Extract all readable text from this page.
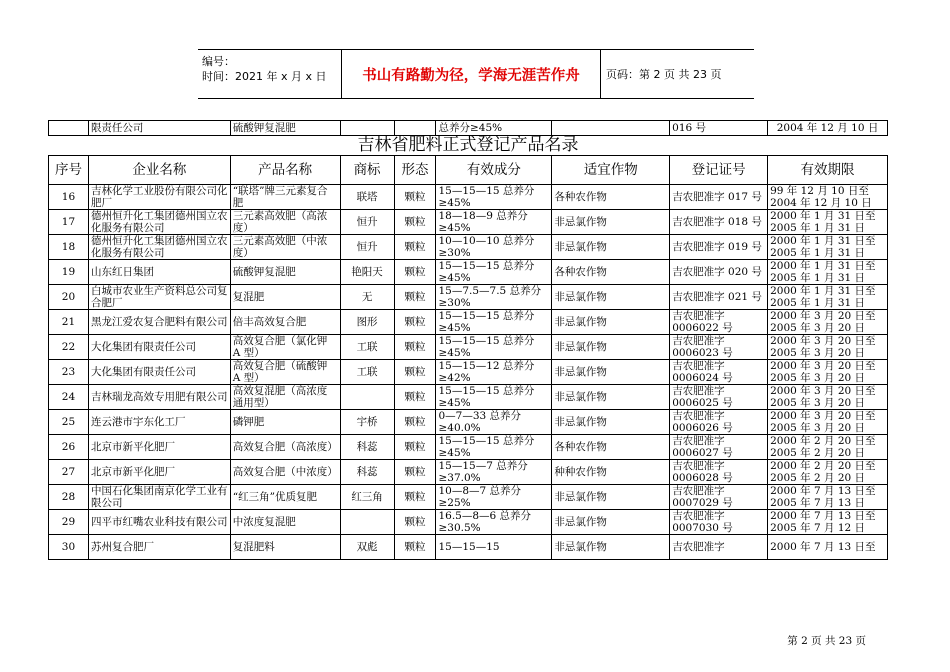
编号：
时间：2021 年 x 月 x 日	书山有路勤为径，学海无涯苦作舟	页码：第 2 页 共 23 页
	限责任公司	硫酸钾复混肥			总养分≥45%		016 号	2004 年 12 月 10 日
吉林省肥料正式登记产品名录
序号	企业名称	产品名称	商标	形态	有效成分	适宜作物	登记证号	有效期限
16	吉林化学工业股份有限公司化肥厂	“联塔”牌三元素复合肥	联塔	颗粒	15—15—15 总养分≥45%	各种农作物	吉农肥准字 017 号	99 年 12 月 10 日至 2004 年 12 月 10 日
17	德州恒升化工集团德州国立农化服务有限公司	三元素高效肥（高浓度）	恒升	颗粒	18—18—9 总养分≥45%	非忌氯作物	吉农肥准字 018 号	2000 年 1 月 31 日至 2005 年 1 月 31 日
18	德州恒升化工集团德州国立农化服务有限公司	三元素高效肥（中浓度）	恒升	颗粒	10—10—10 总养分≥30%	非忌氯作物	吉农肥准字 019 号	2000 年 1 月 31 日至 2005 年 1 月 31 日
19	山东红日集团	硫酸钾复混肥	艳阳天	颗粒	15—15—15 总养分≥45%	各种农作物	吉农肥准字 020 号	2000 年 1 月 31 日至 2005 年 1 月 31 日
20	白城市农业生产资料总公司复合肥厂	复混肥	无	颗粒	15—7.5—7.5 总养分≥30%	非忌氯作物	吉农肥准字 021 号	2000 年 1 月 31 日至 2005 年 1 月 31 日
21	黑龙江爱农复合肥料有限公司	倍丰高效复合肥	图形	颗粒	15—15—15 总养分≥45%	非忌氯作物	吉农肥准字 0006022 号	2000 年 3 月 20 日至 2005 年 3 月 20 日
22	大化集团有限责任公司	高效复合肥（氯化钾 A 型）	工联	颗粒	15—15—15 总养分≥45%	非忌氯作物	吉农肥准字 0006023 号	2000 年 3 月 20 日至 2005 年 3 月 20 日
23	大化集团有限责任公司	高效复合肥（硫酸钾 A 型）	工联	颗粒	15—15—12 总养分≥42%	非忌氯作物	吉农肥准字 0006024 号	2000 年 3 月 20 日至 2005 年 3 月 20 日
24	吉林瑞龙高效专用肥有限公司	高效复混肥（高浓度通用型）		颗粒	15—15—15 总养分≥45%	非忌氯作物	吉农肥准字 0006025 号	2000 年 3 月 20 日至 2005 年 3 月 20 日
25	连云港市宇东化工厂	磷钾肥	宇桥	颗粒	0—7—33 总养分≥40.0%	非忌氯作物	吉农肥准字 0006026 号	2000 年 3 月 20 日至 2005 年 3 月 20 日
26	北京市新平化肥厂	高效复合肥（高浓度）	科蕊	颗粒	15—15—15 总养分≥45%	各种农作物	吉农肥准字 0006027 号	2000 年 2 月 20 日至 2005 年 2 月 20 日
27	北京市新平化肥厂	高效复合肥（中浓度）	科蕊	颗粒	15—15—7 总养分≥37.0%	种种农作物	吉农肥准字 0006028 号	2000 年 2 月 20 日至 2005 年 2 月 20 日
28	中国石化集团南京化学工业有限公司	“红三角”优质复肥	红三角	颗粒	10—8—7 总养分≥25%	非忌氯作物	吉农肥准字 0007029 号	2000 年 7 月 13 日至 2005 年 7 月 13 日
29	四平市红嘴农业科技有限公司	中浓度复混肥		颗粒	16.5—8—6 总养分≥30.5%	非忌氯作物	吉农肥准字 0007030 号	2000 年 7 月 13 日至 2005 年 7 月 12 日
30	苏州复合肥厂	复混肥料	双彪	颗粒	15—15—15	非忌氯作物	吉农肥准字	2000 年 7 月 13 日至
第 2 页 共 23 页
